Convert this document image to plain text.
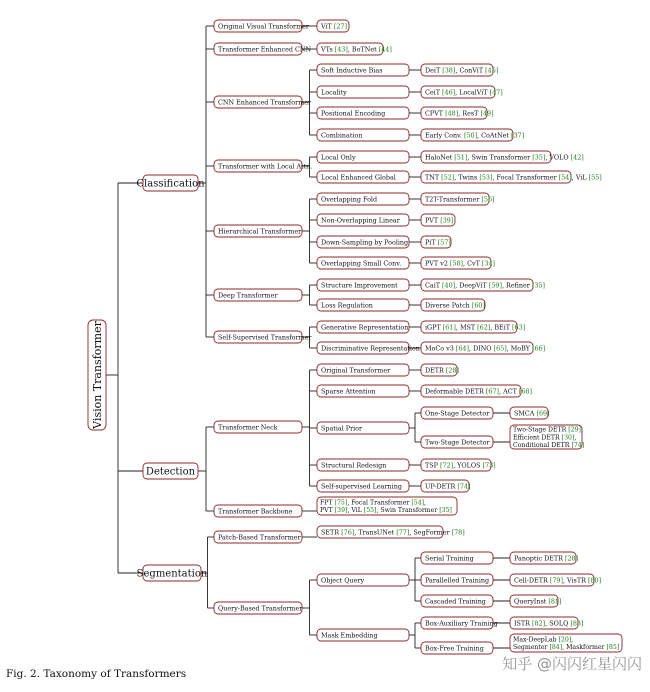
Vision Transformer
Classification
Detection
Segmentation
Original Visual Transformer ViT [27]
Transformer Enhanced CNN VTs [43], BoTNet [44]
CNN Enhanced Transformer
Soft Inductive Bias	DeiT [38], ConViT [45]
Locality	CeiT [46], LocalViT [47]
Positional Encoding	CPVT [48], ResT [49]
Combination	Early Conv. [50], CoAtNet [37]
Transformer with Local Attn.
Local Only	HaloNet [51], Swin Transformer [35], VOLO [42]
Local Enhanced Global	TNT [52], Twins [53], Focal Transformer [54], ViL [55]
Hierarchical Transformer
Overlapping Fold	T2T-Transformer [56]
Non-Overlapping Linear	PVT [39]
Down-Sampling by Pooling	PiT [57]
Overlapping Small Conv.	PVT v2 [58], CvT [34]
Deep Transformer
Structure Improvement	CaiT [40], DeepViT [59], Refiner [35]
Loss Regulation	Diverse Patch [60]
Self-Supervised Transformer
Generative Representation	iGPT [61], MST [62], BEiT [63]
Discriminative Representation MoCo v3 [64], DINO [65], MoBY [66]
Transformer Neck
Original Transformer	DETR [28]
Sparse Attention	Deformable DETR [67], ACT [68]
Spatial Prior
One-Stage Detector	SMCA [69]
Two-Stage Detector
Two-Stage DETR [29],
Efficient DETR [30],
Conditional DETR [74]
Structural Redesign	TSP [72], YOLOS [73]
Self-supervised Learning	UP-DETR [74]
Transformer Backbone
FPT [75], Focal Transformer [54],
PVT [39], ViL [55], Swin Transformer [35]
Patch-Based Transformer
SETR [76], TransUNet [77], SegFormer [78]
Query-Based Transformer
Object Query
Serial Training	Panoptic DETR [28]
Parallelled Training	Cell-DETR [79], VisTR [80]
Cascaded Training	QueryInst [81]
Mask Embedding
Box-Auxiliary Training	ISTR [82], SOLQ [83]
Box-Free Training
Max-DeepLab [20],
Segmenter [84], Maskformer [85]
Fig. 2. Taxonomy of Transformers
知乎 @闪闪红星闪闪
